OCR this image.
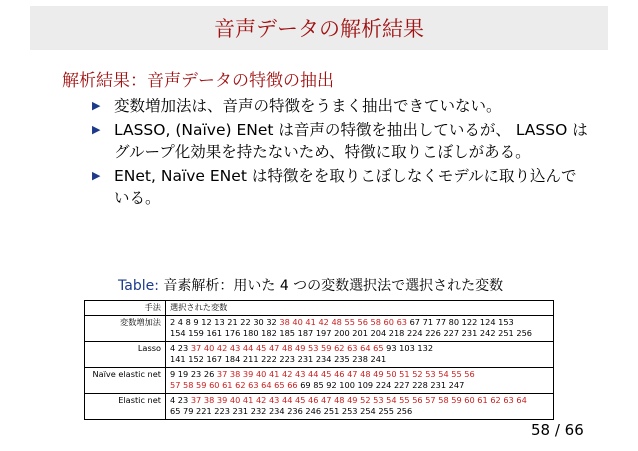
音声データの解析結果
解析結果：音声データの特徴の抽出
▶ 変数増加法は、音声の特徴をうまく抽出できていない。
▶ LASSO, (Naïve) ENet は音声の特徴を抽出しているが、 LASSO はグループ化効果を持たないため、特徴に取りこぼしがある。
▶ ENet, Naïve ENet は特徴をを取りこぼしなくモデルに取り込んでいる。
Table: 音素解析：用いた 4 つの変数選択法で選択された変数
手法	選択された変数
変数増加法	2 4 8 9 12 13 21 22 30 32 38 40 41 42 48 55 56 58 60 63 67 71 77 80 122 124 153
154 159 161 176 180 182 185 187 197 200 201 204 218 224 226 227 231 242 251 256

Lasso	4 23 37 40 42 43 44 45 47 48 49 53 59 62 63 64 65 93 103 132
141 152 167 184 211 222 223 231 234 235 238 241

Naïve elastic net	9 19 23 26 37 38 39 40 41 42 43 44 45 46 47 48 49 50 51 52 53 54 55 56
57 58 59 60 61 62 63 64 65 66 69 85 92 100 109 224 227 228 231 247

Elastic net	4 23 37 38 39 40 41 42 43 44 45 46 47 48 49 52 53 54 55 56 57 58 59 60 61 62 63 64
65 79 221 223 231 232 234 236 246 251 253 254 255 256
58 / 66
